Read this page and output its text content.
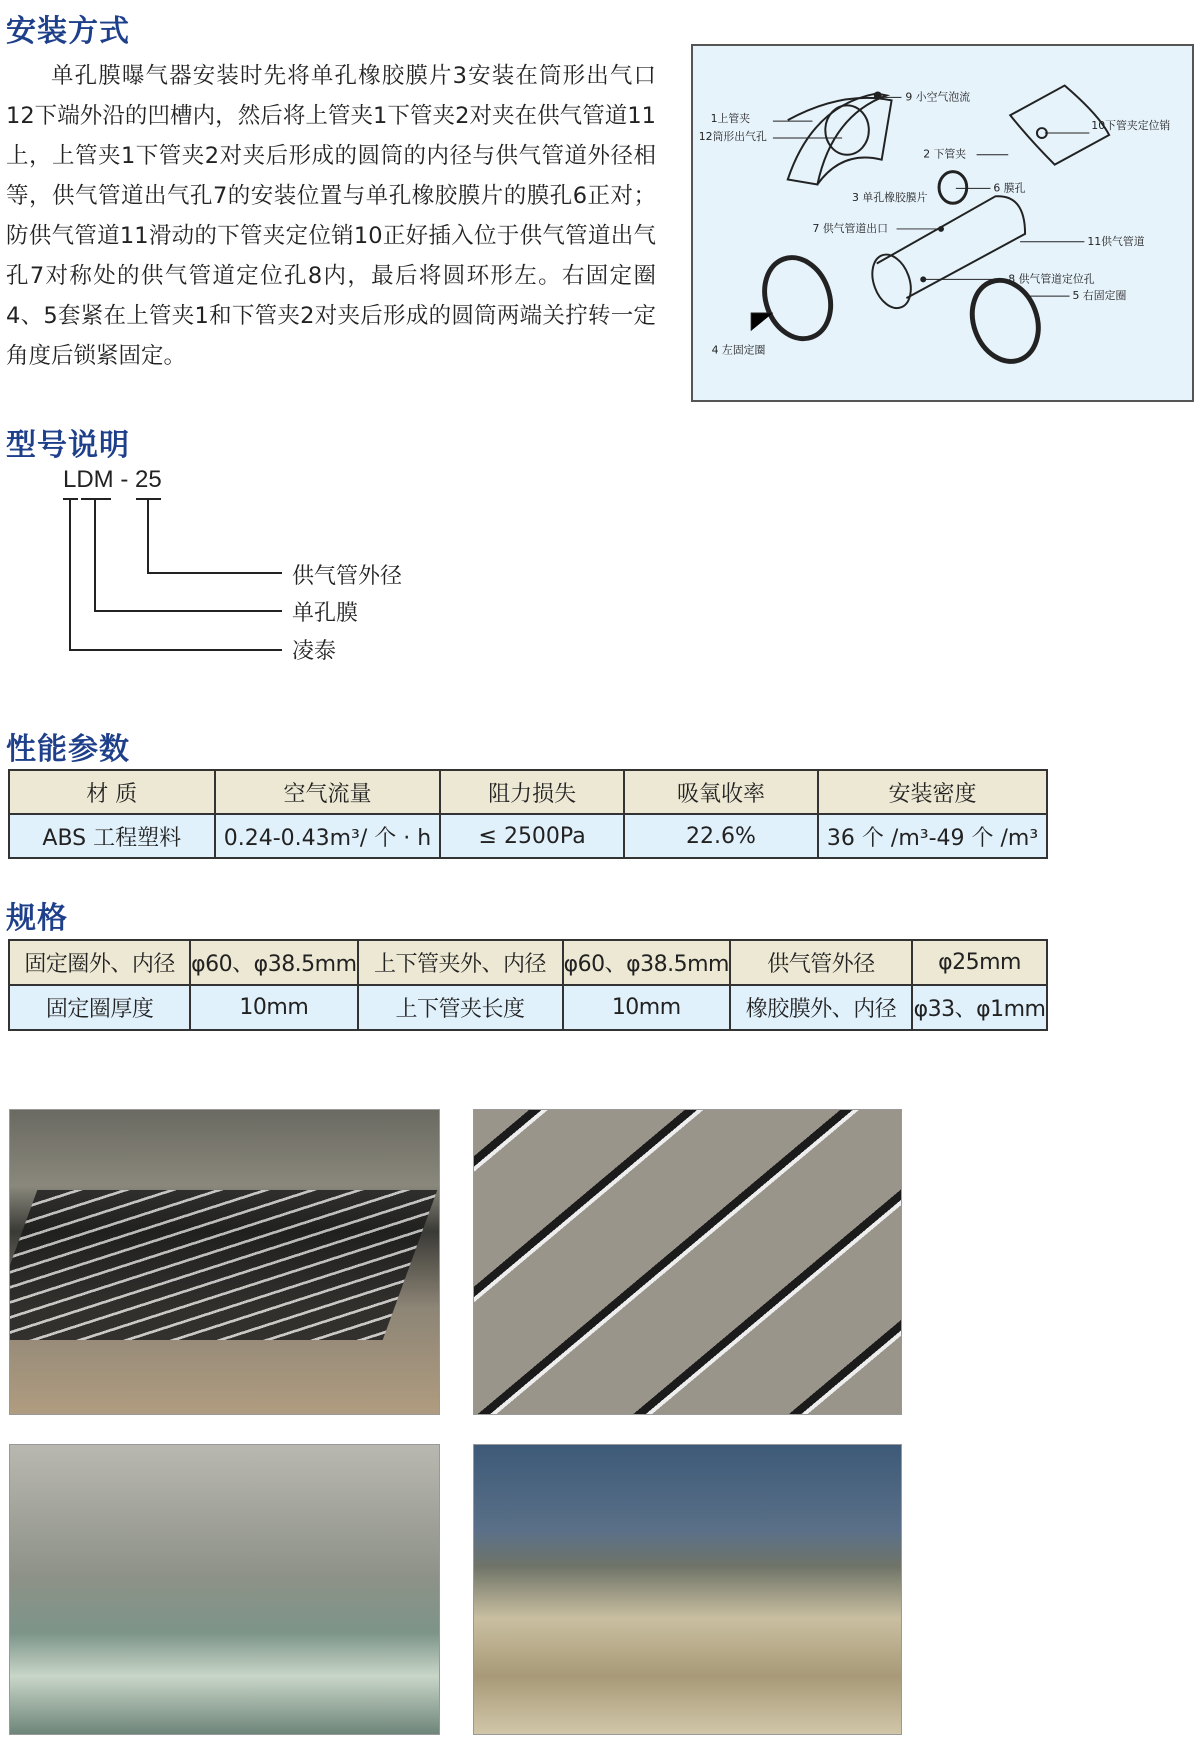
安装方式

单孔膜曝气器安装时先将单孔橡胶膜片3安装在筒形出气口12下端外沿的凹槽内，然后将上管夹1下管夹2对夹在供气管道11上，上管夹1下管夹2对夹后形成的圆筒的内径与供气管道外径相等，供气管道出气孔7的安装位置与单孔橡胶膜片的膜孔6正对；防供气管道11滑动的下管夹定位销10正好插入位于供气管道出气孔7对称处的供气管道定位孔8内，最后将圆环形左。右固定圈4、5套紧在上管夹1和下管夹2对夹后形成的圆筒两端关拧转一定角度后锁紧固定。

9 小空气泡流
1上管夹
12筒形出气孔
10下管夹定位销
2 下管夹
6 膜孔
3 单孔橡胶膜片
7 供气管道出口
11供气管道
8 供气管道定位孔
5 右固定圈
4 左固定圈
型号说明
LDM - 25
供气管外径
单孔膜
凌泰
性能参数
材 质	空气流量	阻力损失	吸氧收率	安装密度
ABS 工程塑料	0.24-0.43m³/ 个 · h	≤ 2500Pa	22.6%	36 个 /m³-49 个 /m³
规格
固定圈外、内径	φ60、φ38.5mm	上下管夹外、内径	φ60、φ38.5mm	供气管外径	φ25mm
固定圈厚度	10mm	上下管夹长度	10mm	橡胶膜外、内径	φ33、φ1mm
